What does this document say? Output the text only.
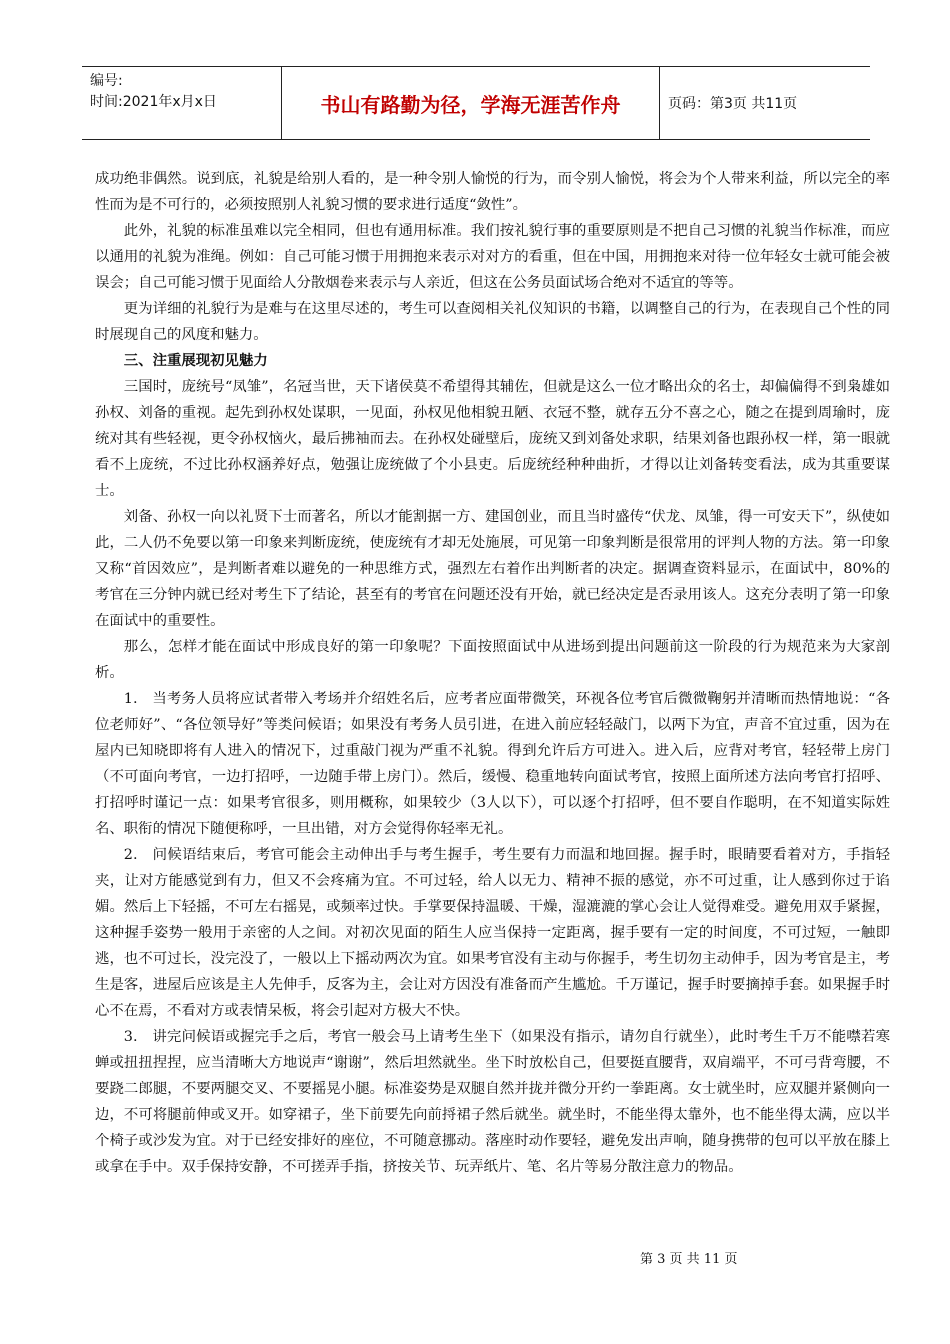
编号:
时间:2021年x月x日	书山有路勤为径，学海无涯苦作舟	页码：第3页 共11页

成功绝非偶然。说到底，礼貌是给别人看的，是一种令别人愉悦的行为，而令别人愉悦，将会为个人带来利益，所以完全的率性而为是不可行的，必须按照别人礼貌习惯的要求进行适度“敛性”。

此外，礼貌的标准虽难以完全相同，但也有通用标准。我们按礼貌行事的重要原则是不把自己习惯的礼貌当作标准，而应以通用的礼貌为准绳。例如：自己可能习惯于用拥抱来表示对对方的看重，但在中国，用拥抱来对待一位年轻女士就可能会被误会；自己可能习惯于见面给人分散烟卷来表示与人亲近，但这在公务员面试场合绝对不适宜的等等。

更为详细的礼貌行为是难与在这里尽述的，考生可以查阅相关礼仪知识的书籍，以调整自己的行为，在表现自己个性的同时展现自己的风度和魅力。

三、注重展现初见魅力

三国时，庞统号“凤雏”，名冠当世，天下诸侯莫不希望得其辅佐，但就是这么一位才略出众的名士，却偏偏得不到枭雄如孙权、刘备的重视。起先到孙权处谋职，一见面，孙权见他相貌丑陋、衣冠不整，就存五分不喜之心，随之在提到周瑜时，庞统对其有些轻视，更令孙权恼火，最后拂袖而去。在孙权处碰壁后，庞统又到刘备处求职，结果刘备也跟孙权一样，第一眼就看不上庞统，不过比孙权涵养好点，勉强让庞统做了个小县吏。后庞统经种种曲折，才得以让刘备转变看法，成为其重要谋士。

刘备、孙权一向以礼贤下士而著名，所以才能割据一方、建国创业，而且当时盛传“伏龙、凤雏，得一可安天下”，纵使如此，二人仍不免要以第一印象来判断庞统，使庞统有才却无处施展，可见第一印象判断是很常用的评判人物的方法。第一印象又称“首因效应”，是判断者难以避免的一种思维方式，强烈左右着作出判断者的决定。据调查资料显示，在面试中，80%的考官在三分钟内就已经对考生下了结论，甚至有的考官在问题还没有开始，就已经决定是否录用该人。这充分表明了第一印象在面试中的重要性。

那么，怎样才能在面试中形成良好的第一印象呢？下面按照面试中从进场到提出问题前这一阶段的行为规范来为大家剖析。

1.　当考务人员将应试者带入考场并介绍姓名后，应考者应面带微笑，环视各位考官后微微鞠躬并清晰而热情地说：“各位老师好”、“各位领导好”等类问候语；如果没有考务人员引进，在进入前应轻轻敲门，以两下为宜，声音不宜过重，因为在屋内已知晓即将有人进入的情况下，过重敲门视为严重不礼貌。得到允许后方可进入。进入后，应背对考官，轻轻带上房门（不可面向考官，一边打招呼，一边随手带上房门）。然后，缓慢、稳重地转向面试考官，按照上面所述方法向考官打招呼、打招呼时谨记一点：如果考官很多，则用概称，如果较少（3人以下），可以逐个打招呼，但不要自作聪明，在不知道实际姓名、职衔的情况下随便称呼，一旦出错，对方会觉得你轻率无礼。

2.　问候语结束后，考官可能会主动伸出手与考生握手，考生要有力而温和地回握。握手时，眼睛要看着对方，手指轻夹，让对方能感觉到有力，但又不会疼痛为宜。不可过轻，给人以无力、精神不振的感觉，亦不可过重，让人感到你过于谄媚。然后上下轻摇，不可左右摇晃，或频率过快。手掌要保持温暖、干燥，湿漉漉的掌心会让人觉得难受。避免用双手紧握，这种握手姿势一般用于亲密的人之间。对初次见面的陌生人应当保持一定距离，握手要有一定的时间度，不可过短，一触即逃，也不可过长，没完没了，一般以上下摇动两次为宜。如果考官没有主动与你握手，考生切勿主动伸手，因为考官是主，考生是客，进屋后应该是主人先伸手，反客为主，会让对方因没有准备而产生尴尬。千万谨记，握手时要摘掉手套。如果握手时心不在焉，不看对方或表情呆板，将会引起对方极大不快。

3.　讲完问候语或握完手之后，考官一般会马上请考生坐下（如果没有指示，请勿自行就坐），此时考生千万不能噤若寒蝉或扭扭捏捏，应当清晰大方地说声“谢谢”，然后坦然就坐。坐下时放松自己，但要挺直腰背，双肩端平，不可弓背弯腰，不要跷二郎腿，不要两腿交叉、不要摇晃小腿。标准姿势是双腿自然并拢并微分开约一拳距离。女士就坐时，应双腿并紧侧向一边，不可将腿前伸或叉开。如穿裙子，坐下前要先向前捋裙子然后就坐。就坐时，不能坐得太靠外，也不能坐得太满，应以半个椅子或沙发为宜。对于已经安排好的座位，不可随意挪动。落座时动作要轻，避免发出声响，随身携带的包可以平放在膝上或拿在手中。双手保持安静，不可搓弄手指，挤按关节、玩弄纸片、笔、名片等易分散注意力的物品。

第 3 页 共 11 页
